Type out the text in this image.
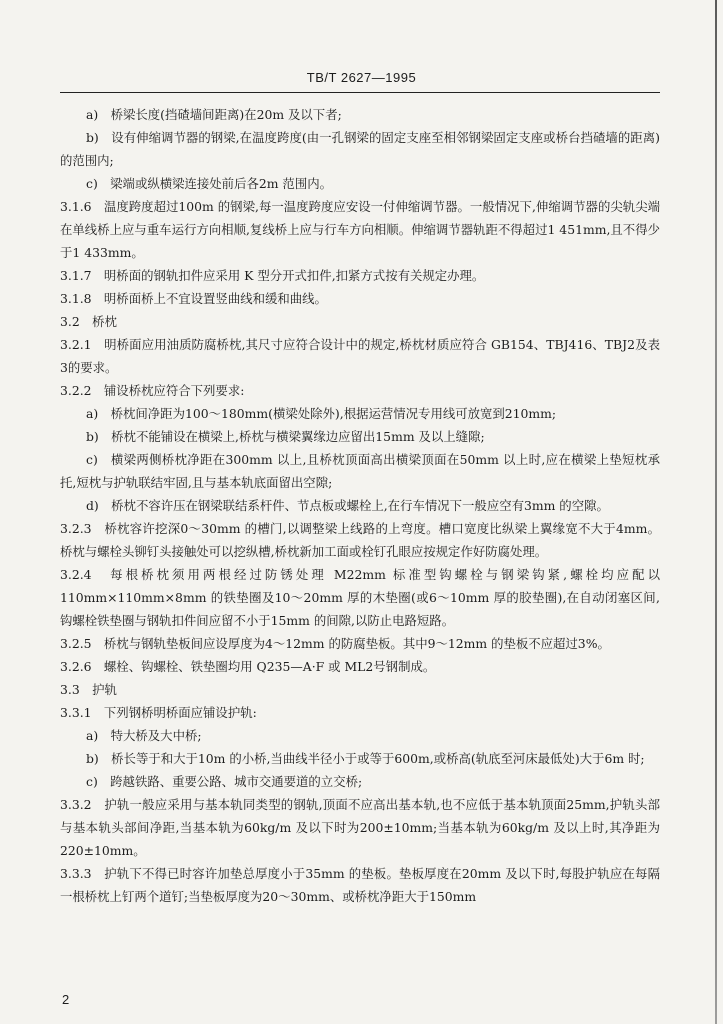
TB/T 2627—1995

a)　桥梁长度(挡碴墙间距离)在20m 及以下者;

b)　设有伸缩调节器的钢梁,在温度跨度(由一孔钢梁的固定支座至相邻钢梁固定支座或桥台挡碴墙的距离)的范围内;

c)　梁端或纵横梁连接处前后各2m 范围内。

3.1.6　温度跨度超过100m 的钢梁,每一温度跨度应安设一付伸缩调节器。一般情况下,伸缩调节器的尖轨尖端在单线桥上应与重车运行方向相顺,复线桥上应与行车方向相顺。伸缩调节器轨距不得超过1 451mm,且不得少于1 433mm。

3.1.7　明桥面的钢轨扣件应采用 K 型分开式扣件,扣紧方式按有关规定办理。

3.1.8　明桥面桥上不宜设置竖曲线和缓和曲线。

3.2　桥枕

3.2.1　明桥面应用油质防腐桥枕,其尺寸应符合设计中的规定,桥枕材质应符合 GB154、TBJ416、TBJ2及表3的要求。

3.2.2　铺设桥枕应符合下列要求:

a)　桥枕间净距为100～180mm(横梁处除外),根据运营情况专用线可放宽到210mm;

b)　桥枕不能铺设在横梁上,桥枕与横梁翼缘边应留出15mm 及以上缝隙;

c)　横梁两侧桥枕净距在300mm 以上,且桥枕顶面高出横梁顶面在50mm 以上时,应在横梁上垫短枕承托,短枕与护轨联结牢固,且与基本轨底面留出空隙;

d)　桥枕不容许压在钢梁联结系杆件、节点板或螺栓上,在行车情况下一般应空有3mm 的空隙。

3.2.3　桥枕容许挖深0～30mm 的槽门,以调整梁上线路的上弯度。槽口宽度比纵梁上翼缘宽不大于4mm。桥枕与螺栓头铆钉头接触处可以挖纵槽,桥枕新加工面或栓钉孔眼应按规定作好防腐处理。

3.2.4　每根桥枕须用两根经过防锈处理 M22mm 标准型钩螺栓与钢梁钩紧,螺栓均应配以110mm×110mm×8mm 的铁垫圈及10～20mm 厚的木垫圈(或6～10mm 厚的胶垫圈),在自动闭塞区间,钩螺栓铁垫圈与钢轨扣件间应留不小于15mm 的间隙,以防止电路短路。

3.2.5　桥枕与钢轨垫板间应设厚度为4～12mm 的防腐垫板。其中9～12mm 的垫板不应超过3%。

3.2.6　螺栓、钩螺栓、铁垫圈均用 Q235—A·F 或 ML2号钢制成。

3.3　护轨

3.3.1　下列钢桥明桥面应铺设护轨:

a)　特大桥及大中桥;

b)　桥长等于和大于10m 的小桥,当曲线半径小于或等于600m,或桥高(轨底至河床最低处)大于6m 时;

c)　跨越铁路、重要公路、城市交通要道的立交桥;

3.3.2　护轨一般应采用与基本轨同类型的钢轨,顶面不应高出基本轨,也不应低于基本轨顶面25mm,护轨头部与基本轨头部间净距,当基本轨为60kg/m 及以下时为200±10mm;当基本轨为60kg/m 及以上时,其净距为220±10mm。

3.3.3　护轨下不得已时容许加垫总厚度小于35mm 的垫板。垫板厚度在20mm 及以下时,每股护轨应在每隔一根桥枕上钉两个道钉;当垫板厚度为20～30mm、或桥枕净距大于150mm

2
